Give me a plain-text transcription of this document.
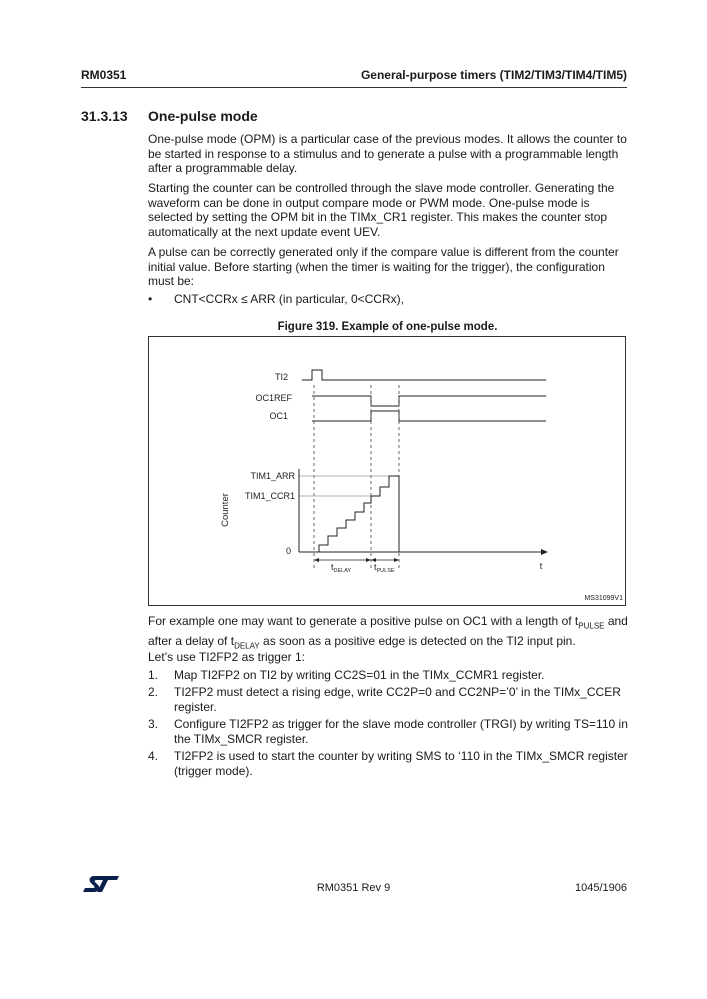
RM0351	General-purpose timers (TIM2/TIM3/TIM4/TIM5)
31.3.13 One-pulse mode

One-pulse mode (OPM) is a particular case of the previous modes. It allows the counter to be started in response to a stimulus and to generate a pulse with a programmable length after a programmable delay.

Starting the counter can be controlled through the slave mode controller. Generating the waveform can be done in output compare mode or PWM mode. One-pulse mode is selected by setting the OPM bit in the TIMx_CR1 register. This makes the counter stop automatically at the next update event UEV.

A pulse can be correctly generated only if the compare value is different from the counter initial value. Before starting (when the timer is waiting for the trigger), the configuration must be:

• CNT<CCRx ≤ ARR (in particular, 0<CCRx),
Figure 319. Example of one-pulse mode.
TI2
OC1REF
OC1
TIM1_ARR
TIM1_CCR1
0
Counter
t
$t_{DELAY}$	$t_{PULSE}$
MS31099V1

For example one may want to generate a positive pulse on OC1 with a length of $t_{PULSE}$ and after a delay of $t_{DELAY}$ as soon as a positive edge is detected on the TI2 input pin.

Let’s use TI2FP2 as trigger 1:

1. Map TI2FP2 on TI2 by writing CC2S=01 in the TIMx_CCMR1 register.

2. TI2FP2 must detect a rising edge, write CC2P=0 and CC2NP=’0’ in the TIMx_CCER register.

3. Configure TI2FP2 as trigger for the slave mode controller (TRGI) by writing TS=110 in the TIMx_SMCR register.

4. TI2FP2 is used to start the counter by writing SMS to ‘110 in the TIMx_SMCR register (trigger mode).

RM0351 Rev 9	1045/1906
